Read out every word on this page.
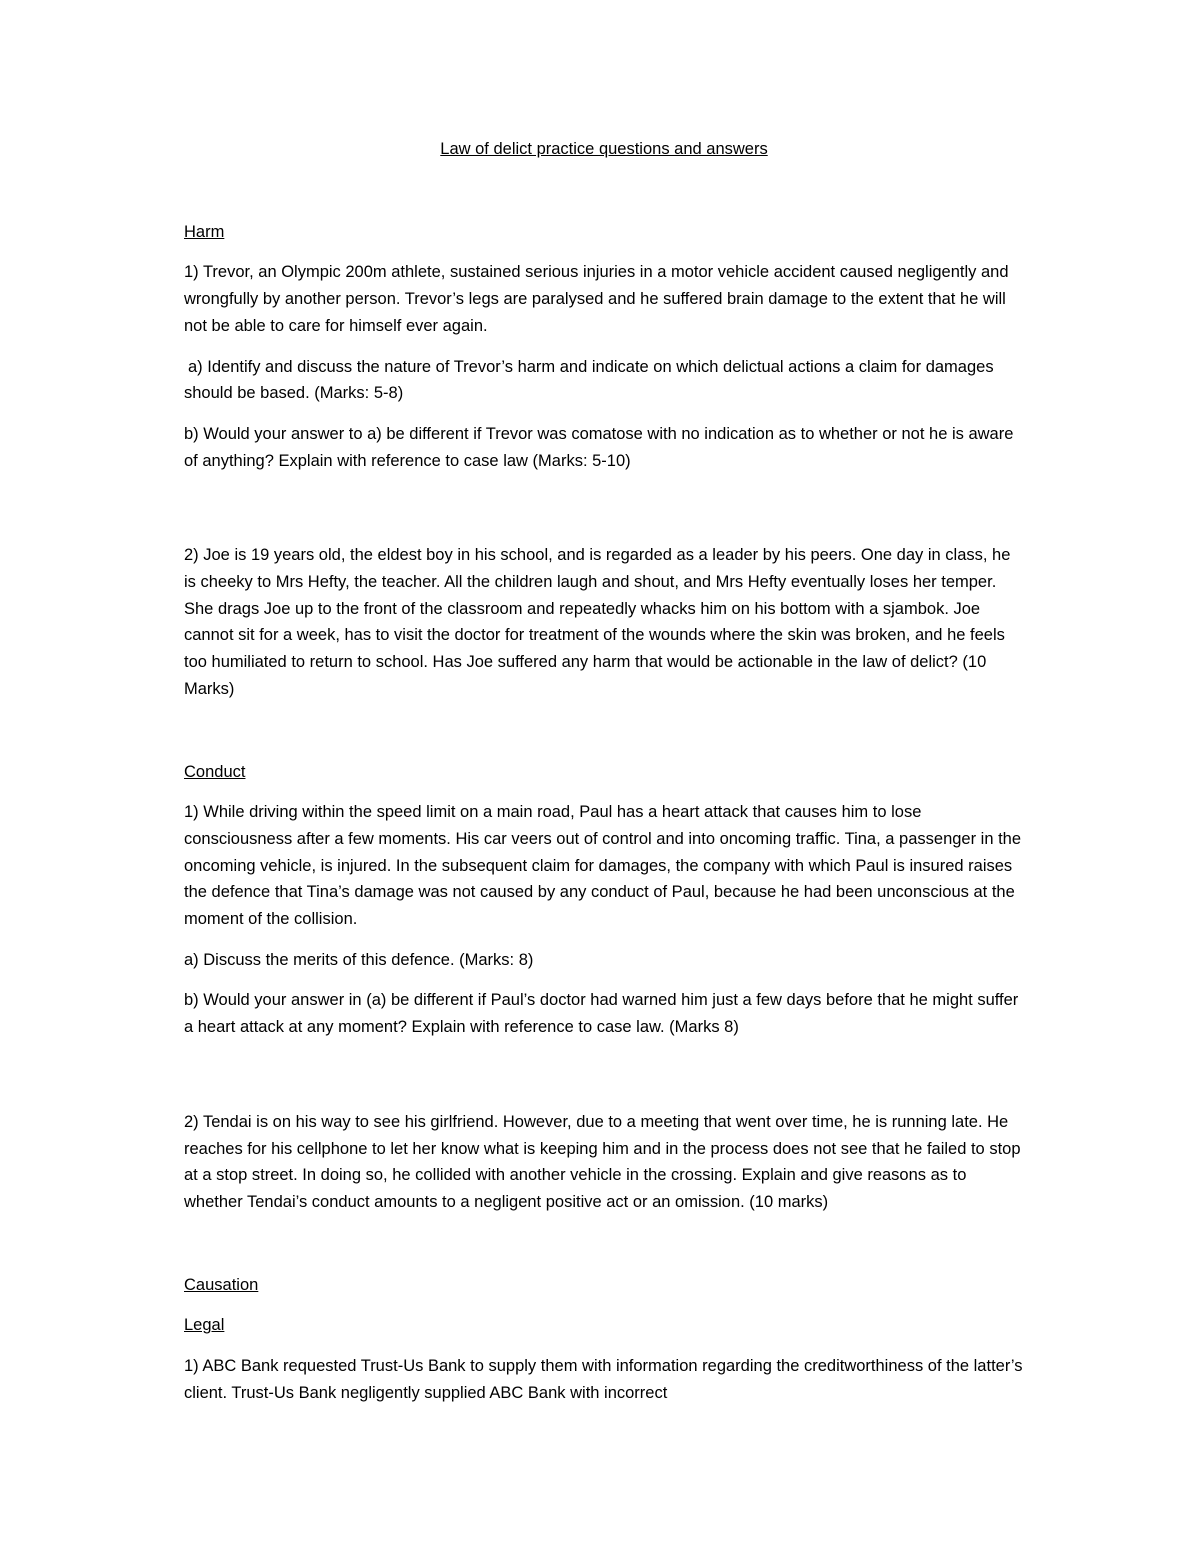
Law of delict practice questions and answers
Harm

1) Trevor, an Olympic 200m athlete, sustained serious injuries in a motor vehicle accident caused negligently and wrongfully by another person. Trevor’s legs are paralysed and he suffered brain damage to the extent that he will not be able to care for himself ever again.

a) Identify and discuss the nature of Trevor’s harm and indicate on which delictual actions a claim for damages should be based. (Marks: 5-8)

b) Would your answer to a) be different if Trevor was comatose with no indication as to whether or not he is aware of anything? Explain with reference to case law (Marks: 5-10)

2) Joe is 19 years old, the eldest boy in his school, and is regarded as a leader by his peers. One day in class, he is cheeky to Mrs Hefty, the teacher. All the children laugh and shout, and Mrs Hefty eventually loses her temper. She drags Joe up to the front of the classroom and repeatedly whacks him on his bottom with a sjambok. Joe cannot sit for a week, has to visit the doctor for treatment of the wounds where the skin was broken, and he feels too humiliated to return to school. Has Joe suffered any harm that would be actionable in the law of delict? (10 Marks)

Conduct

1) While driving within the speed limit on a main road, Paul has a heart attack that causes him to lose consciousness after a few moments. His car veers out of control and into oncoming traffic. Tina, a passenger in the oncoming vehicle, is injured. In the subsequent claim for damages, the company with which Paul is insured raises the defence that Tina’s damage was not caused by any conduct of Paul, because he had been unconscious at the moment of the collision.

a) Discuss the merits of this defence. (Marks: 8)

b) Would your answer in (a) be different if Paul’s doctor had warned him just a few days before that he might suffer a heart attack at any moment? Explain with reference to case law. (Marks 8)

2) Tendai is on his way to see his girlfriend. However, due to a meeting that went over time, he is running late. He reaches for his cellphone to let her know what is keeping him and in the process does not see that he failed to stop at a stop street. In doing so, he collided with another vehicle in the crossing. Explain and give reasons as to whether Tendai’s conduct amounts to a negligent positive act or an omission. (10 marks)

Causation
Legal

1) ABC Bank requested Trust-Us Bank to supply them with information regarding the creditworthiness of the latter’s client. Trust-Us Bank negligently supplied ABC Bank with incorrect
